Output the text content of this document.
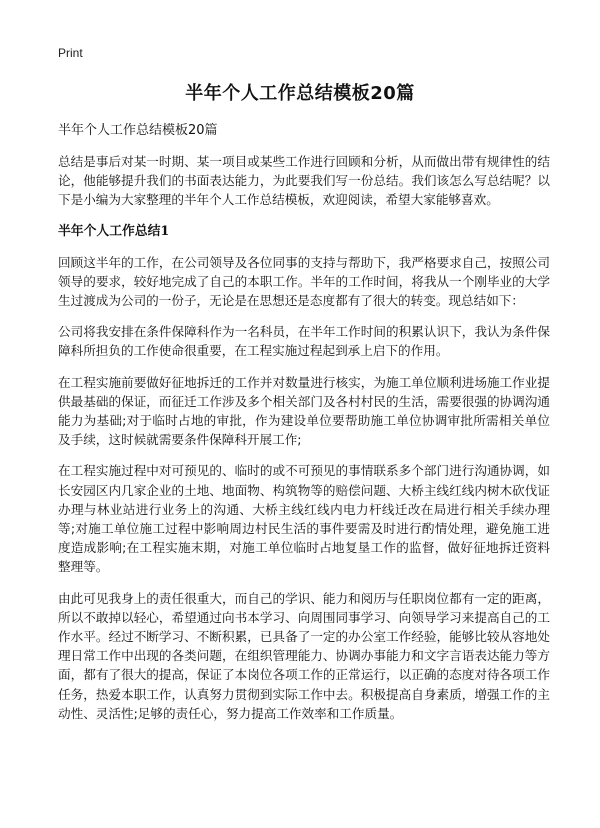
Print
半年个人工作总结模板20篇

半年个人工作总结模板20篇

总结是事后对某一时期、某一项目或某些工作进行回顾和分析，从而做出带有规律性的结论，他能够提升我们的书面表达能力，为此要我们写一份总结。我们该怎么写总结呢？以下是小编为大家整理的半年个人工作总结模板，欢迎阅读，希望大家能够喜欢。

半年个人工作总结1

回顾这半年的工作，在公司领导及各位同事的支持与帮助下，我严格要求自己，按照公司领导的要求，较好地完成了自己的本职工作。半年的工作时间，将我从一个刚毕业的大学生过渡成为公司的一份子，无论是在思想还是态度都有了很大的转变。现总结如下：

公司将我安排在条件保障科作为一名科员，在半年工作时间的积累认识下，我认为条件保障科所担负的工作使命很重要，在工程实施过程起到承上启下的作用。

在工程实施前要做好征地拆迁的工作并对数量进行核实，为施工单位顺利进场施工作业提供最基础的保证，而征迁工作涉及多个相关部门及各村村民的生活，需要很强的协调沟通能力为基础;对于临时占地的审批，作为建设单位要帮助施工单位协调审批所需相关单位及手续，这时候就需要条件保障科开展工作;

在工程实施过程中对可预见的、临时的或不可预见的事情联系多个部门进行沟通协调，如长安园区内几家企业的土地、地面物、构筑物等的赔偿问题、大桥主线红线内树木砍伐证办理与林业站进行业务上的沟通、大桥主线红线内电力杆线迁改在局进行相关手续办理等;对施工单位施工过程中影响周边村民生活的事件要需及时进行酌情处理，避免施工进度造成影响;在工程实施末期，对施工单位临时占地复垦工作的监督，做好征地拆迁资料整理等。

由此可见我身上的责任很重大，而自己的学识、能力和阅历与任职岗位都有一定的距离，所以不敢掉以轻心，希望通过向书本学习、向周围同事学习、向领导学习来提高自己的工作水平。经过不断学习、不断积累，已具备了一定的办公室工作经验，能够比较从容地处理日常工作中出现的各类问题，在组织管理能力、协调办事能力和文字言语表达能力等方面，都有了很大的提高，保证了本岗位各项工作的正常运行，以正确的态度对待各项工作任务，热爱本职工作，认真努力贯彻到实际工作中去。积极提高自身素质，增强工作的主动性、灵活性;足够的责任心，努力提高工作效率和工作质量。
